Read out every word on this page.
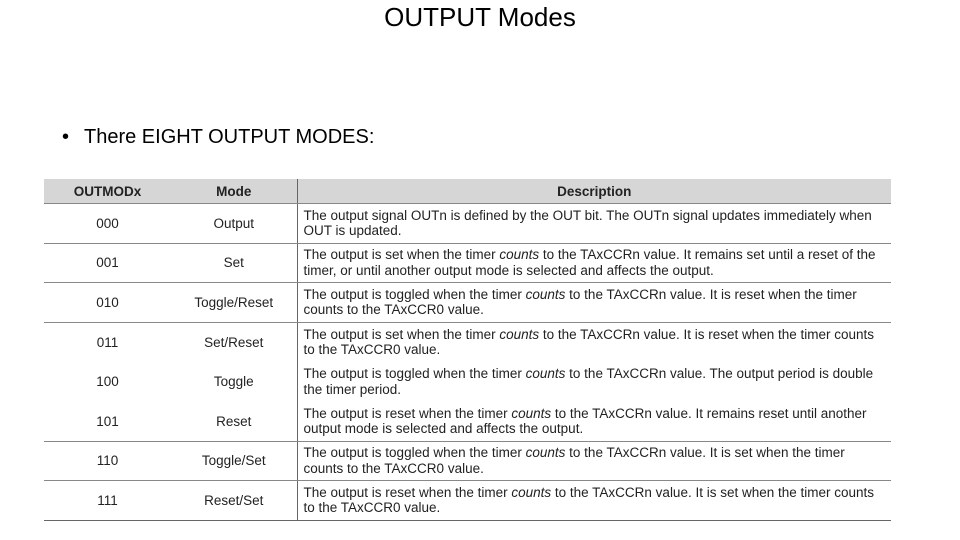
OUTPUT Modes
• There EIGHT OUTPUT MODES:
OUTMODx	Mode	Description
000	Output	The output signal OUTn is defined by the OUT bit. The OUTn signal updates immediately when OUT is updated.
001	Set	The output is set when the timer counts to the TAxCCRn value. It remains set until a reset of the timer, or until another output mode is selected and affects the output.
010	Toggle/Reset	The output is toggled when the timer counts to the TAxCCRn value. It is reset when the timer counts to the TAxCCR0 value.
011	Set/Reset	The output is set when the timer counts to the TAxCCRn value. It is reset when the timer counts to the TAxCCR0 value.
100	Toggle	The output is toggled when the timer counts to the TAxCCRn value. The output period is double the timer period.
101	Reset	The output is reset when the timer counts to the TAxCCRn value. It remains reset until another output mode is selected and affects the output.
110	Toggle/Set	The output is toggled when the timer counts to the TAxCCRn value. It is set when the timer counts to the TAxCCR0 value.
111	Reset/Set	The output is reset when the timer counts to the TAxCCRn value. It is set when the timer counts to the TAxCCR0 value.
